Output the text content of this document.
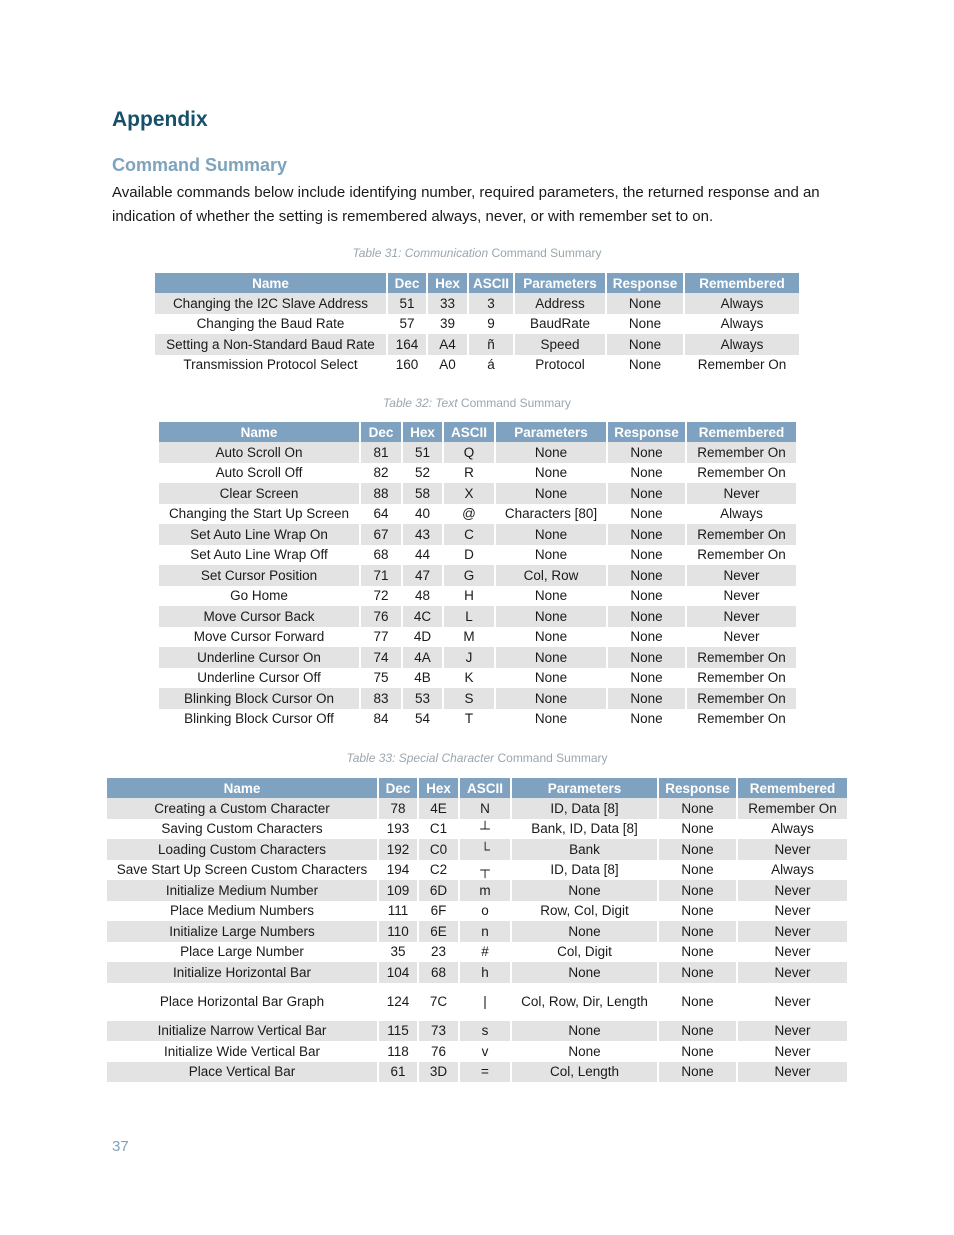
Appendix
Command Summary

Available commands below include identifying number, required parameters, the returned response and an indication of whether the setting is remembered always, never, or with remember set to on.

Table 31: Communication Command Summary
Name	Dec	Hex	ASCII	Parameters	Response	Remembered
Changing the I2C Slave Address	51	33	3	Address	None	Always
Changing the Baud Rate	57	39	9	BaudRate	None	Always
Setting a Non-Standard Baud Rate	164	A4	ñ	Speed	None	Always
Transmission Protocol Select	160	A0	á	Protocol	None	Remember On
Table 32: Text Command Summary
Name	Dec	Hex	ASCII	Parameters	Response	Remembered
Auto Scroll On	81	51	Q	None	None	Remember On
Auto Scroll Off	82	52	R	None	None	Remember On
Clear Screen	88	58	X	None	None	Never
Changing the Start Up Screen	64	40	@	Characters [80]	None	Always
Set Auto Line Wrap On	67	43	C	None	None	Remember On
Set Auto Line Wrap Off	68	44	D	None	None	Remember On
Set Cursor Position	71	47	G	Col, Row	None	Never
Go Home	72	48	H	None	None	Never
Move Cursor Back	76	4C	L	None	None	Never
Move Cursor Forward	77	4D	M	None	None	Never
Underline Cursor On	74	4A	J	None	None	Remember On
Underline Cursor Off	75	4B	K	None	None	Remember On
Blinking Block Cursor On	83	53	S	None	None	Remember On
Blinking Block Cursor Off	84	54	T	None	None	Remember On
Table 33: Special Character Command Summary
Name	Dec	Hex	ASCII	Parameters	Response	Remembered
Creating a Custom Character	78	4E	N	ID, Data [8]	None	Remember On
Saving Custom Characters	193	C1	┴	Bank, ID, Data [8]	None	Always
Loading Custom Characters	192	C0	└	Bank	None	Never
Save Start Up Screen Custom Characters	194	C2	┬	ID, Data [8]	None	Always
Initialize Medium Number	109	6D	m	None	None	Never
Place Medium Numbers	111	6F	o	Row, Col, Digit	None	Never
Initialize Large Numbers	110	6E	n	None	None	Never
Place Large Number	35	23	#	Col, Digit	None	Never
Initialize Horizontal Bar	104	68	h	None	None	Never
Place Horizontal Bar Graph	124	7C	|	Col, Row, Dir, Length	None	Never
Initialize Narrow Vertical Bar	115	73	s	None	None	Never
Initialize Wide Vertical Bar	118	76	v	None	None	Never
Place Vertical Bar	61	3D	=	Col, Length	None	Never
37
